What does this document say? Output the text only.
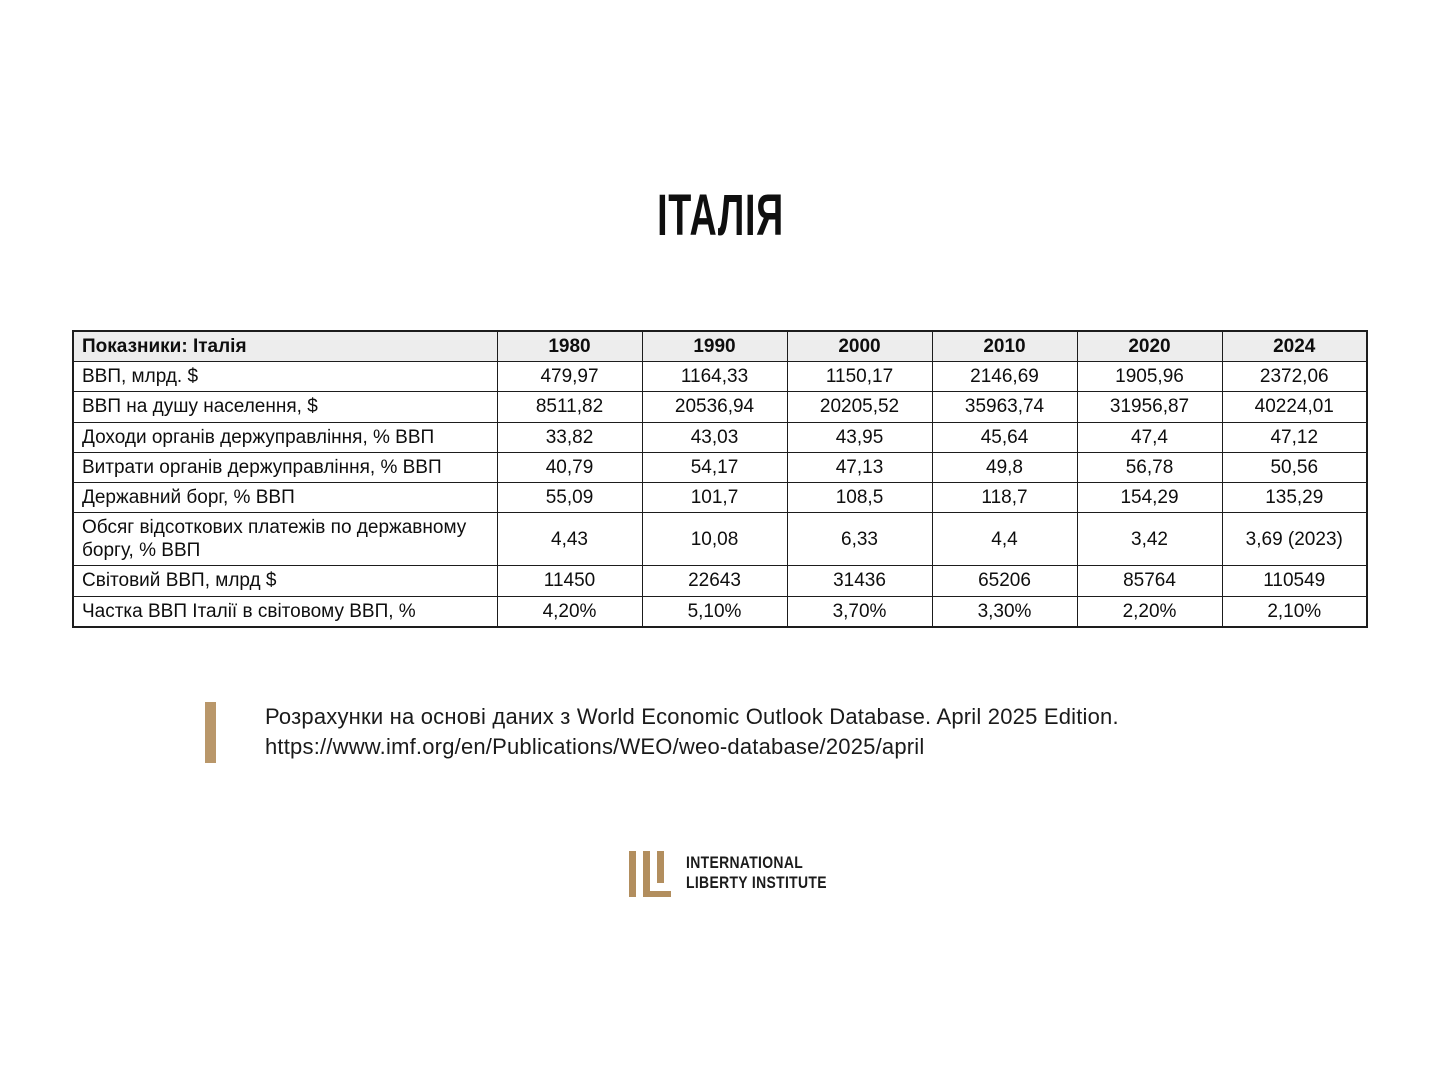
ІТАЛІЯ
Показники: Італія	1980	1990	2000	2010	2020	2024
ВВП, млрд. $	479,97	1164,33	1150,17	2146,69	1905,96	2372,06
ВВП на душу населення, $	8511,82	20536,94	20205,52	35963,74	31956,87	40224,01
Доходи органів держуправління, % ВВП	33,82	43,03	43,95	45,64	47,4	47,12
Витрати органів держуправління, % ВВП	40,79	54,17	47,13	49,8	56,78	50,56
Державний борг, % ВВП	55,09	101,7	108,5	118,7	154,29	135,29
Обсяг відсоткових платежів по державному боргу, % ВВП	4,43	10,08	6,33	4,4	3,42	3,69 (2023)
Світовий ВВП, млрд $	11450	22643	31436	65206	85764	110549
Частка ВВП Італії в світовому ВВП, %	4,20%	5,10%	3,70%	3,30%	2,20%	2,10%
Розрахунки на основі даних з World Economic Outlook Database. April 2025 Edition.
https://www.imf.org/en/Publications/WEO/weo-database/2025/april
INTERNATIONAL
LIBERTY INSTITUTE
